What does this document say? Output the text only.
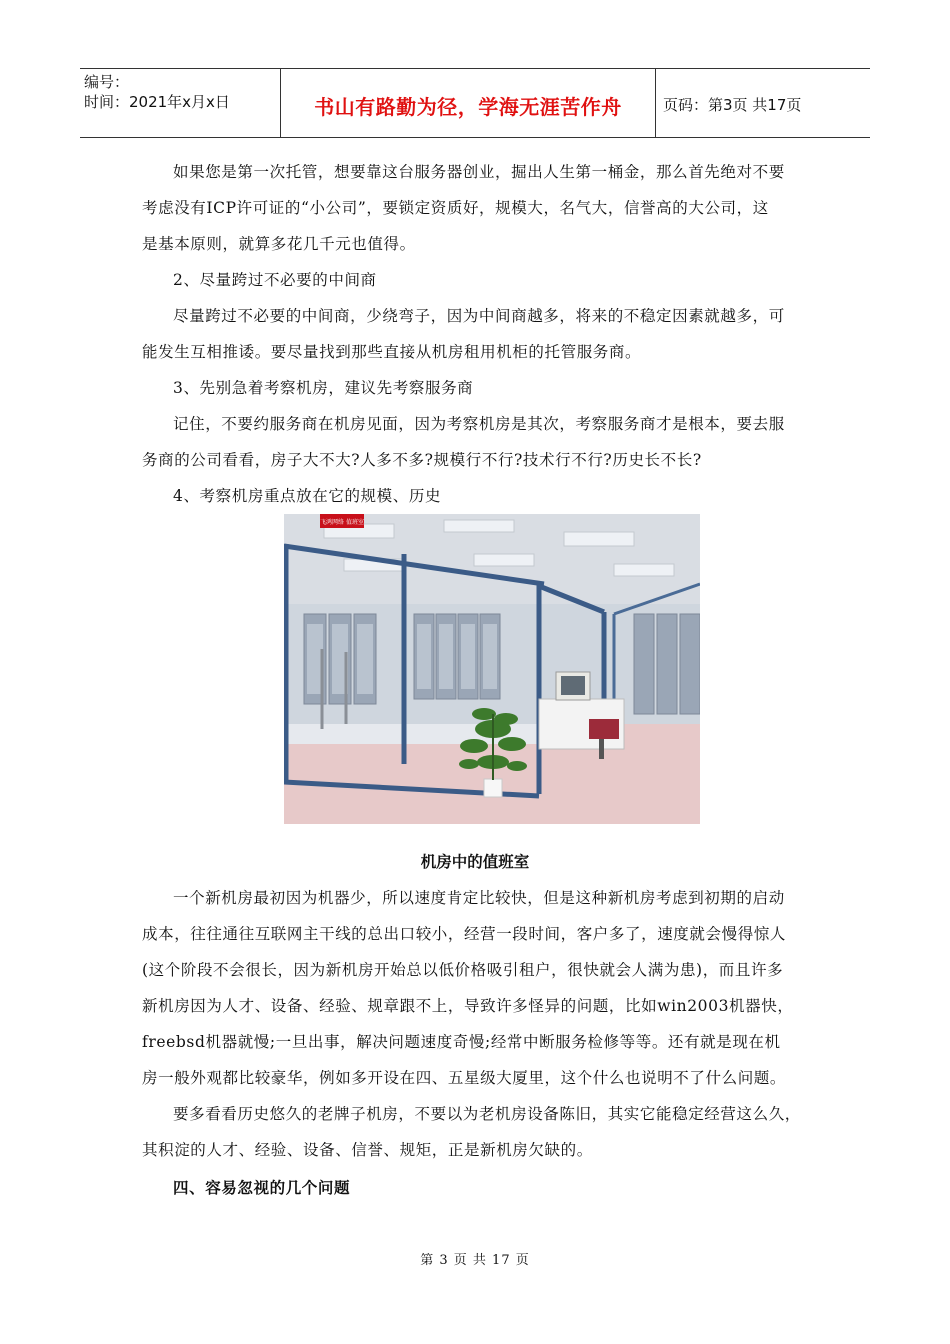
编号：
时间：2021年x月x日	书山有路勤为径，学海无涯苦作舟	页码：第3页 共17页
如果您是第一次托管，想要靠这台服务器创业，掘出人生第一桶金，那么首先绝对不要
考虑没有ICP许可证的“小公司”，要锁定资质好，规模大，名气大，信誉高的大公司，这
是基本原则，就算多花几千元也值得。
2、尽量跨过不必要的中间商
尽量跨过不必要的中间商，少绕弯子，因为中间商越多，将来的不稳定因素就越多，可
能发生互相推诿。要尽量找到那些直接从机房租用机柜的托管服务商。
3、先别急着考察机房，建议先考察服务商
记住，不要约服务商在机房见面，因为考察机房是其次，考察服务商才是根本，要去服
务商的公司看看，房子大不大?人多不多?规模行不行?技术行不行?历史长不长?
4、考察机房重点放在它的规模、历史
飞鸿网络 值班室
机房中的值班室
一个新机房最初因为机器少，所以速度肯定比较快，但是这种新机房考虑到初期的启动
成本，往往通往互联网主干线的总出口较小，经营一段时间，客户多了，速度就会慢得惊人
(这个阶段不会很长，因为新机房开始总以低价格吸引租户，很快就会人满为患)，而且许多
新机房因为人才、设备、经验、规章跟不上，导致许多怪异的问题，比如win2003机器快，
freebsd机器就慢;一旦出事，解决问题速度奇慢;经常中断服务检修等等。还有就是现在机
房一般外观都比较豪华，例如多开设在四、五星级大厦里，这个什么也说明不了什么问题。
要多看看历史悠久的老牌子机房，不要以为老机房设备陈旧，其实它能稳定经营这么久，
其积淀的人才、经验、设备、信誉、规矩，正是新机房欠缺的。
四、容易忽视的几个问题
第 3 页 共 17 页
